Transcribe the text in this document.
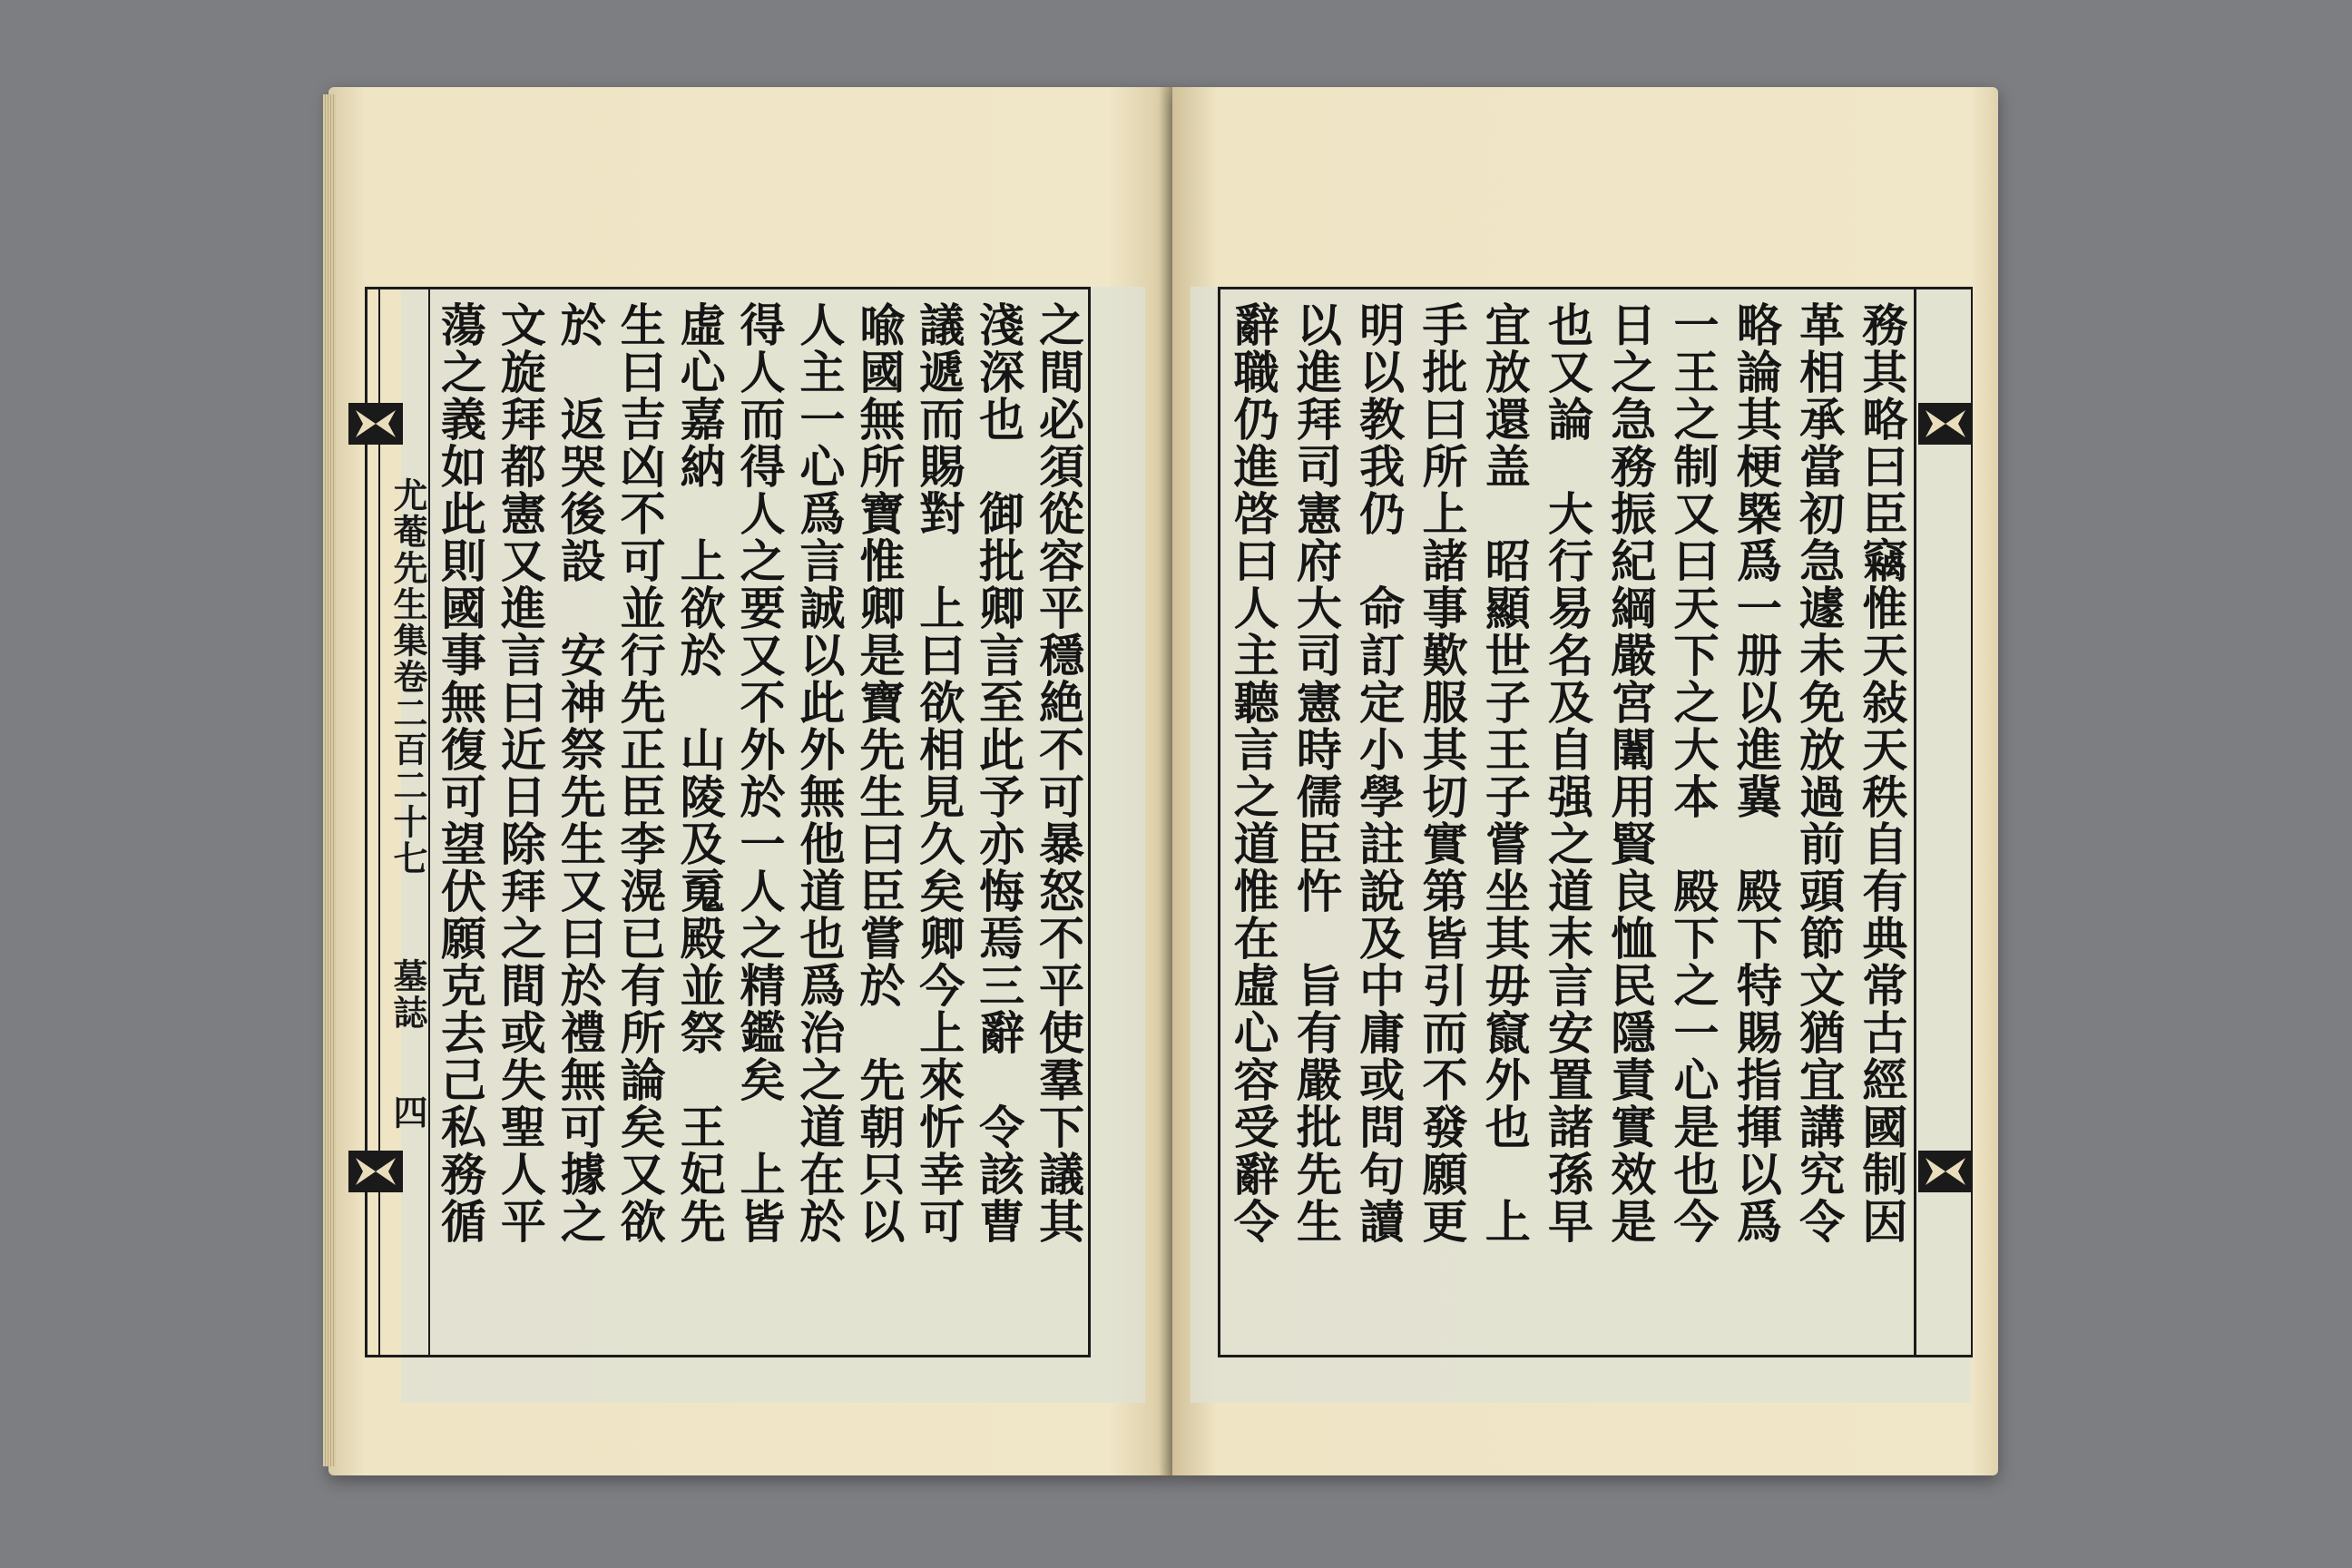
尤菴先生集卷二百二十七
墓誌
四	之間必須從容平穩絶不可暴怒不平使羣下議其
淺深也　御批卿言至此予亦悔焉三辭　令該曹
議遞而賜對　上曰欲相見久矣卿今上來忻幸可
喩國無所寶惟卿是寶先生曰臣嘗於　先朝只以
人主一心爲言誠以此外無他道也爲治之道在於
得人而得人之要又不外於一人之精鑑矣　上皆
虛心嘉納　上欲於　山陵及䰟殿並祭　王妃先
生曰吉凶不可並行先正臣李滉已有所論矣又欲
於　返哭後設　安神祭先生又曰於禮無可據之
文旋拜都憲又進言曰近日除拜之間或失聖人平
蕩之義如此則國事無復可望伏願克去己私務循	務其略曰臣竊惟天敍天秩自有典常古經國制因
革相承當初急遽未免放過前頭節文猶宜講究令
略論其梗槩爲一册以進冀　殿下特賜指揮以爲
一王之制又曰天下之大本　殿下之一心是也今
日之急務振紀綱嚴宮闈用賢良恤民隱責實效是
也又論　大行易名及自强之道末言安置諸孫早
宜放還盖　昭顯世子王子嘗坐其毋竄外也　上
手批曰所上諸事歎服其切實第皆引而不發願更
明以教我仍　命訂定小學註說及中庸或問句讀
以進拜司憲府大司憲時儒臣忤　旨有嚴批先生
辭職仍進啓曰人主聽言之道惟在虛心容受辭令
